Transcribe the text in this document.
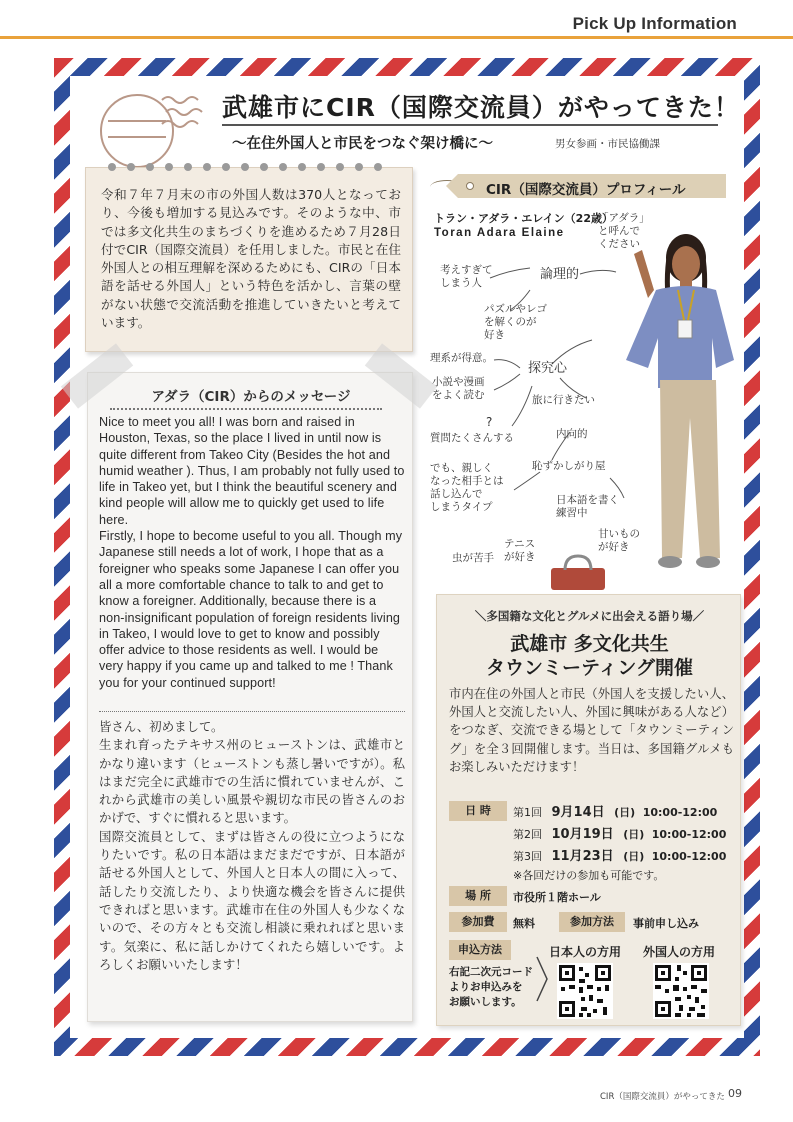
Pick Up Information
武雄市にCIR（国際交流員）がやってきた！
〜在住外国人と市民をつなぐ架け橋に〜	男女参画・市民協働課

令和７年７月末の市の外国人数は370人となっており、今後も増加する見込みです。そのような中、市では多文化共生のまちづくりを進めるため７月28日付でCIR（国際交流員）を任用しました。市民と在住外国人との相互理解を深めるためにも、CIRの「日本語を話せる外国人」という特色を活かし、言葉の壁がない状態で交流活動を推進していきたいと考えています。

アダラ（CIR）からのメッセージ

Nice to meet you all! I was born and raised in Houston, Texas, so the place I lived in until now is quite different from Takeo City (Besides the hot and humid weather ). Thus, I am probably not fully used to life in Takeo yet, but I think the beautiful scenery and kind people will allow me to quickly get used to life here.
Firstly, I hope to become useful to you all. Though my Japanese still needs a lot of work, I hope that as a foreigner who speaks some Japanese I can offer you all a more comfortable chance to talk to and get to know a foreigner. Additionally, because there is a non-insignificant population of foreign residents living in Takeo, I would love to get to know and possibly offer advice to those residents as well. I would be very happy if you came up and talked to me ! Thank you for your continued support!

皆さん、初めまして。
生まれ育ったテキサス州のヒューストンは、武雄市とかなり違います（ヒューストンも蒸し暑いですが）。私はまだ完全に武雄市での生活に慣れていませんが、これから武雄市の美しい風景や親切な市民の皆さんのおかげで、すぐに慣れると思います。
国際交流員として、まずは皆さんの役に立つようになりたいです。私の日本語はまだまだですが、日本語が話せる外国人として、外国人と日本人の間に入って、話したり交流したり、より快適な機会を皆さんに提供できればと思います。武雄市在住の外国人も少なくないので、その方々とも交流し相談に乗れればと思います。気楽に、私に話しかけてくれたら嬉しいです。よろしくお願いいたします！

CIR（国際交流員）プロフィール
トラン・アダラ・エレイン（22歳）
Toran Adara Elaine
「アダラ」
と呼んで
ください
考えすぎて
しまう人
論理的
パズルやレゴ
を解くのが
好き
理系が得意。
探究心
小説や漫画
をよく読む	旅に行きたい
?
質問たくさんする	内向的
恥ずかしがり屋
でも、親しく
なった相手とは
話し込んで
しまうタイプ
日本語を書く
練習中
甘いもの
が好き
テニス
が好き
虫が苦手
＼多国籍な文化とグルメに出会える語り場／
武雄市 多文化共生
タウンミーティング開催

市内在住の外国人と市民（外国人を支援したい人、外国人と交流したい人、外国に興味がある人など）をつなぎ、交流できる場として「タウンミーティング」を全３回開催します。当日は、多国籍グルメもお楽しみいただけます！

日 時	第1回 9月14日 (日) 10:00-12:00
第2回 10月19日 (日) 10:00-12:00
第3回 11月23日 (日) 10:00-12:00
※各回だけの参加も可能です。
場 所	市役所１階ホール
参加費	無料	参加方法	事前申し込み
申込方法	日本人の方用 外国人の方用
右記二次元コード
よりお申込みを
お願いします。
CIR（国際交流員）がやってきた 09
